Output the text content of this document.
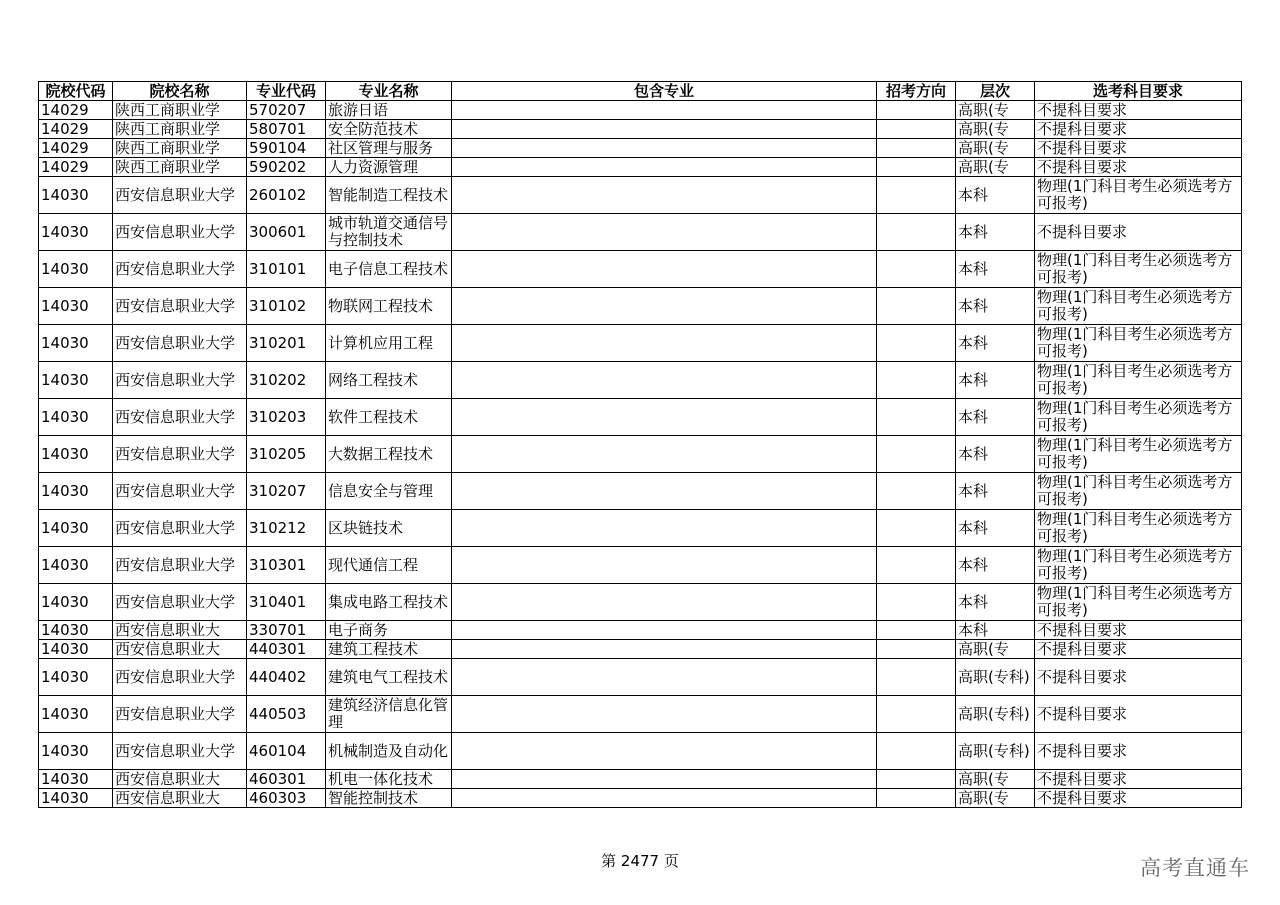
院校代码	院校名称	专业代码	专业名称	包含专业	招考方向	层次	选考科目要求
14029	陕西工商职业学	570207	旅游日语			高职(专	不提科目要求
14029	陕西工商职业学	580701	安全防范技术			高职(专	不提科目要求
14029	陕西工商职业学	590104	社区管理与服务			高职(专	不提科目要求
14029	陕西工商职业学	590202	人力资源管理			高职(专	不提科目要求
14030	西安信息职业大学	260102	智能制造工程技术			本科	物理(1门科目考生必须选考方可报考)
14030	西安信息职业大学	300601	城市轨道交通信号与控制技术			本科	不提科目要求
14030	西安信息职业大学	310101	电子信息工程技术			本科	物理(1门科目考生必须选考方可报考)
14030	西安信息职业大学	310102	物联网工程技术			本科	物理(1门科目考生必须选考方可报考)
14030	西安信息职业大学	310201	计算机应用工程			本科	物理(1门科目考生必须选考方可报考)
14030	西安信息职业大学	310202	网络工程技术			本科	物理(1门科目考生必须选考方可报考)
14030	西安信息职业大学	310203	软件工程技术			本科	物理(1门科目考生必须选考方可报考)
14030	西安信息职业大学	310205	大数据工程技术			本科	物理(1门科目考生必须选考方可报考)
14030	西安信息职业大学	310207	信息安全与管理			本科	物理(1门科目考生必须选考方可报考)
14030	西安信息职业大学	310212	区块链技术			本科	物理(1门科目考生必须选考方可报考)
14030	西安信息职业大学	310301	现代通信工程			本科	物理(1门科目考生必须选考方可报考)
14030	西安信息职业大学	310401	集成电路工程技术			本科	物理(1门科目考生必须选考方可报考)
14030	西安信息职业大	330701	电子商务			本科	不提科目要求
14030	西安信息职业大	440301	建筑工程技术			高职(专	不提科目要求
14030	西安信息职业大学	440402	建筑电气工程技术			高职(专科)	不提科目要求
14030	西安信息职业大学	440503	建筑经济信息化管理			高职(专科)	不提科目要求
14030	西安信息职业大学	460104	机械制造及自动化			高职(专科)	不提科目要求
14030	西安信息职业大	460301	机电一体化技术			高职(专	不提科目要求
14030	西安信息职业大	460303	智能控制技术			高职(专	不提科目要求
第 2477 页	高考直通车
